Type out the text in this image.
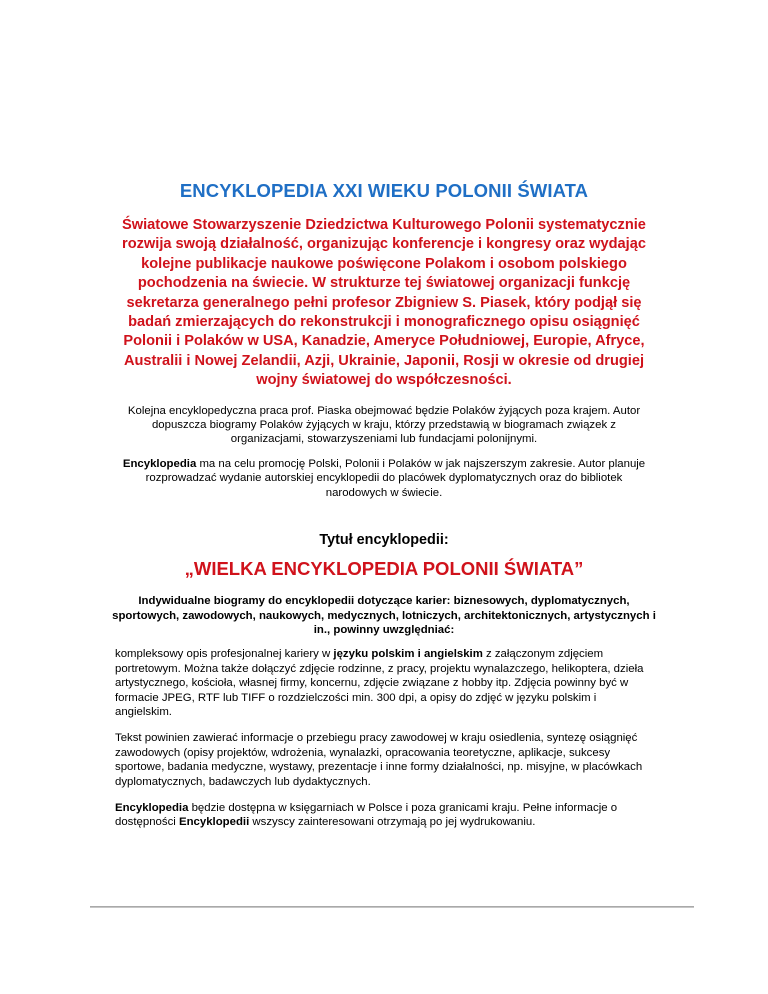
ENCYKLOPEDIA XXI WIEKU POLONII ŚWIATA

Światowe Stowarzyszenie Dziedzictwa Kulturowego Polonii systematycznie rozwija swoją działalność, organizując konferencje i kongresy oraz wydając kolejne publikacje naukowe poświęcone Polakom i osobom polskiego pochodzenia na świecie. W strukturze tej światowej organizacji funkcję sekretarza generalnego pełni profesor Zbigniew S. Piasek, który podjął się badań zmierzających do rekonstrukcji i monograficznego opisu osiągnięć Polonii i Polaków w USA, Kanadzie, Ameryce Południowej, Europie, Afryce, Australii i Nowej Zelandii, Azji, Ukrainie, Japonii, Rosji w okresie od drugiej wojny światowej do współczesności.

Kolejna encyklopedyczna praca prof. Piaska obejmować będzie Polaków żyjących poza krajem. Autor dopuszcza biogramy Polaków żyjących w kraju, którzy przedstawią w biogramach związek z organizacjami, stowarzyszeniami lub fundacjami polonijnymi.

Encyklopedia ma na celu promocję Polski, Polonii i Polaków w jak najszerszym zakresie. Autor planuje rozprowadzać wydanie autorskiej encyklopedii do placówek dyplomatycznych oraz do bibliotek narodowych w świecie.

Tytuł encyklopedii:
„WIELKA ENCYKLOPEDIA POLONII ŚWIATA”

Indywidualne biogramy do encyklopedii dotyczące karier: biznesowych, dyplomatycznych, sportowych, zawodowych, naukowych, medycznych, lotniczych, architektonicznych, artystycznych i in., powinny uwzględniać:

kompleksowy opis profesjonalnej kariery w języku polskim i angielskim z załączonym zdjęciem portretowym. Można także dołączyć zdjęcie rodzinne, z pracy, projektu wynalazczego, helikoptera, dzieła artystycznego, kościoła, własnej firmy, koncernu, zdjęcie związane z hobby itp. Zdjęcia powinny być w formacie JPEG, RTF lub TIFF o rozdzielczości min. 300 dpi, a opisy do zdjęć w języku polskim i angielskim.

Tekst powinien zawierać informacje o przebiegu pracy zawodowej w kraju osiedlenia, syntezę osiągnięć zawodowych (opisy projektów, wdrożenia, wynalazki, opracowania teoretyczne, aplikacje, sukcesy sportowe, badania medyczne, wystawy, prezentacje i inne formy działalności, np. misyjne, w placówkach dyplomatycznych, badawczych lub dydaktycznych.

Encyklopedia będzie dostępna w księgarniach w Polsce i poza granicami kraju. Pełne informacje o dostępności Encyklopedii wszyscy zainteresowani otrzymają po jej wydrukowaniu.
